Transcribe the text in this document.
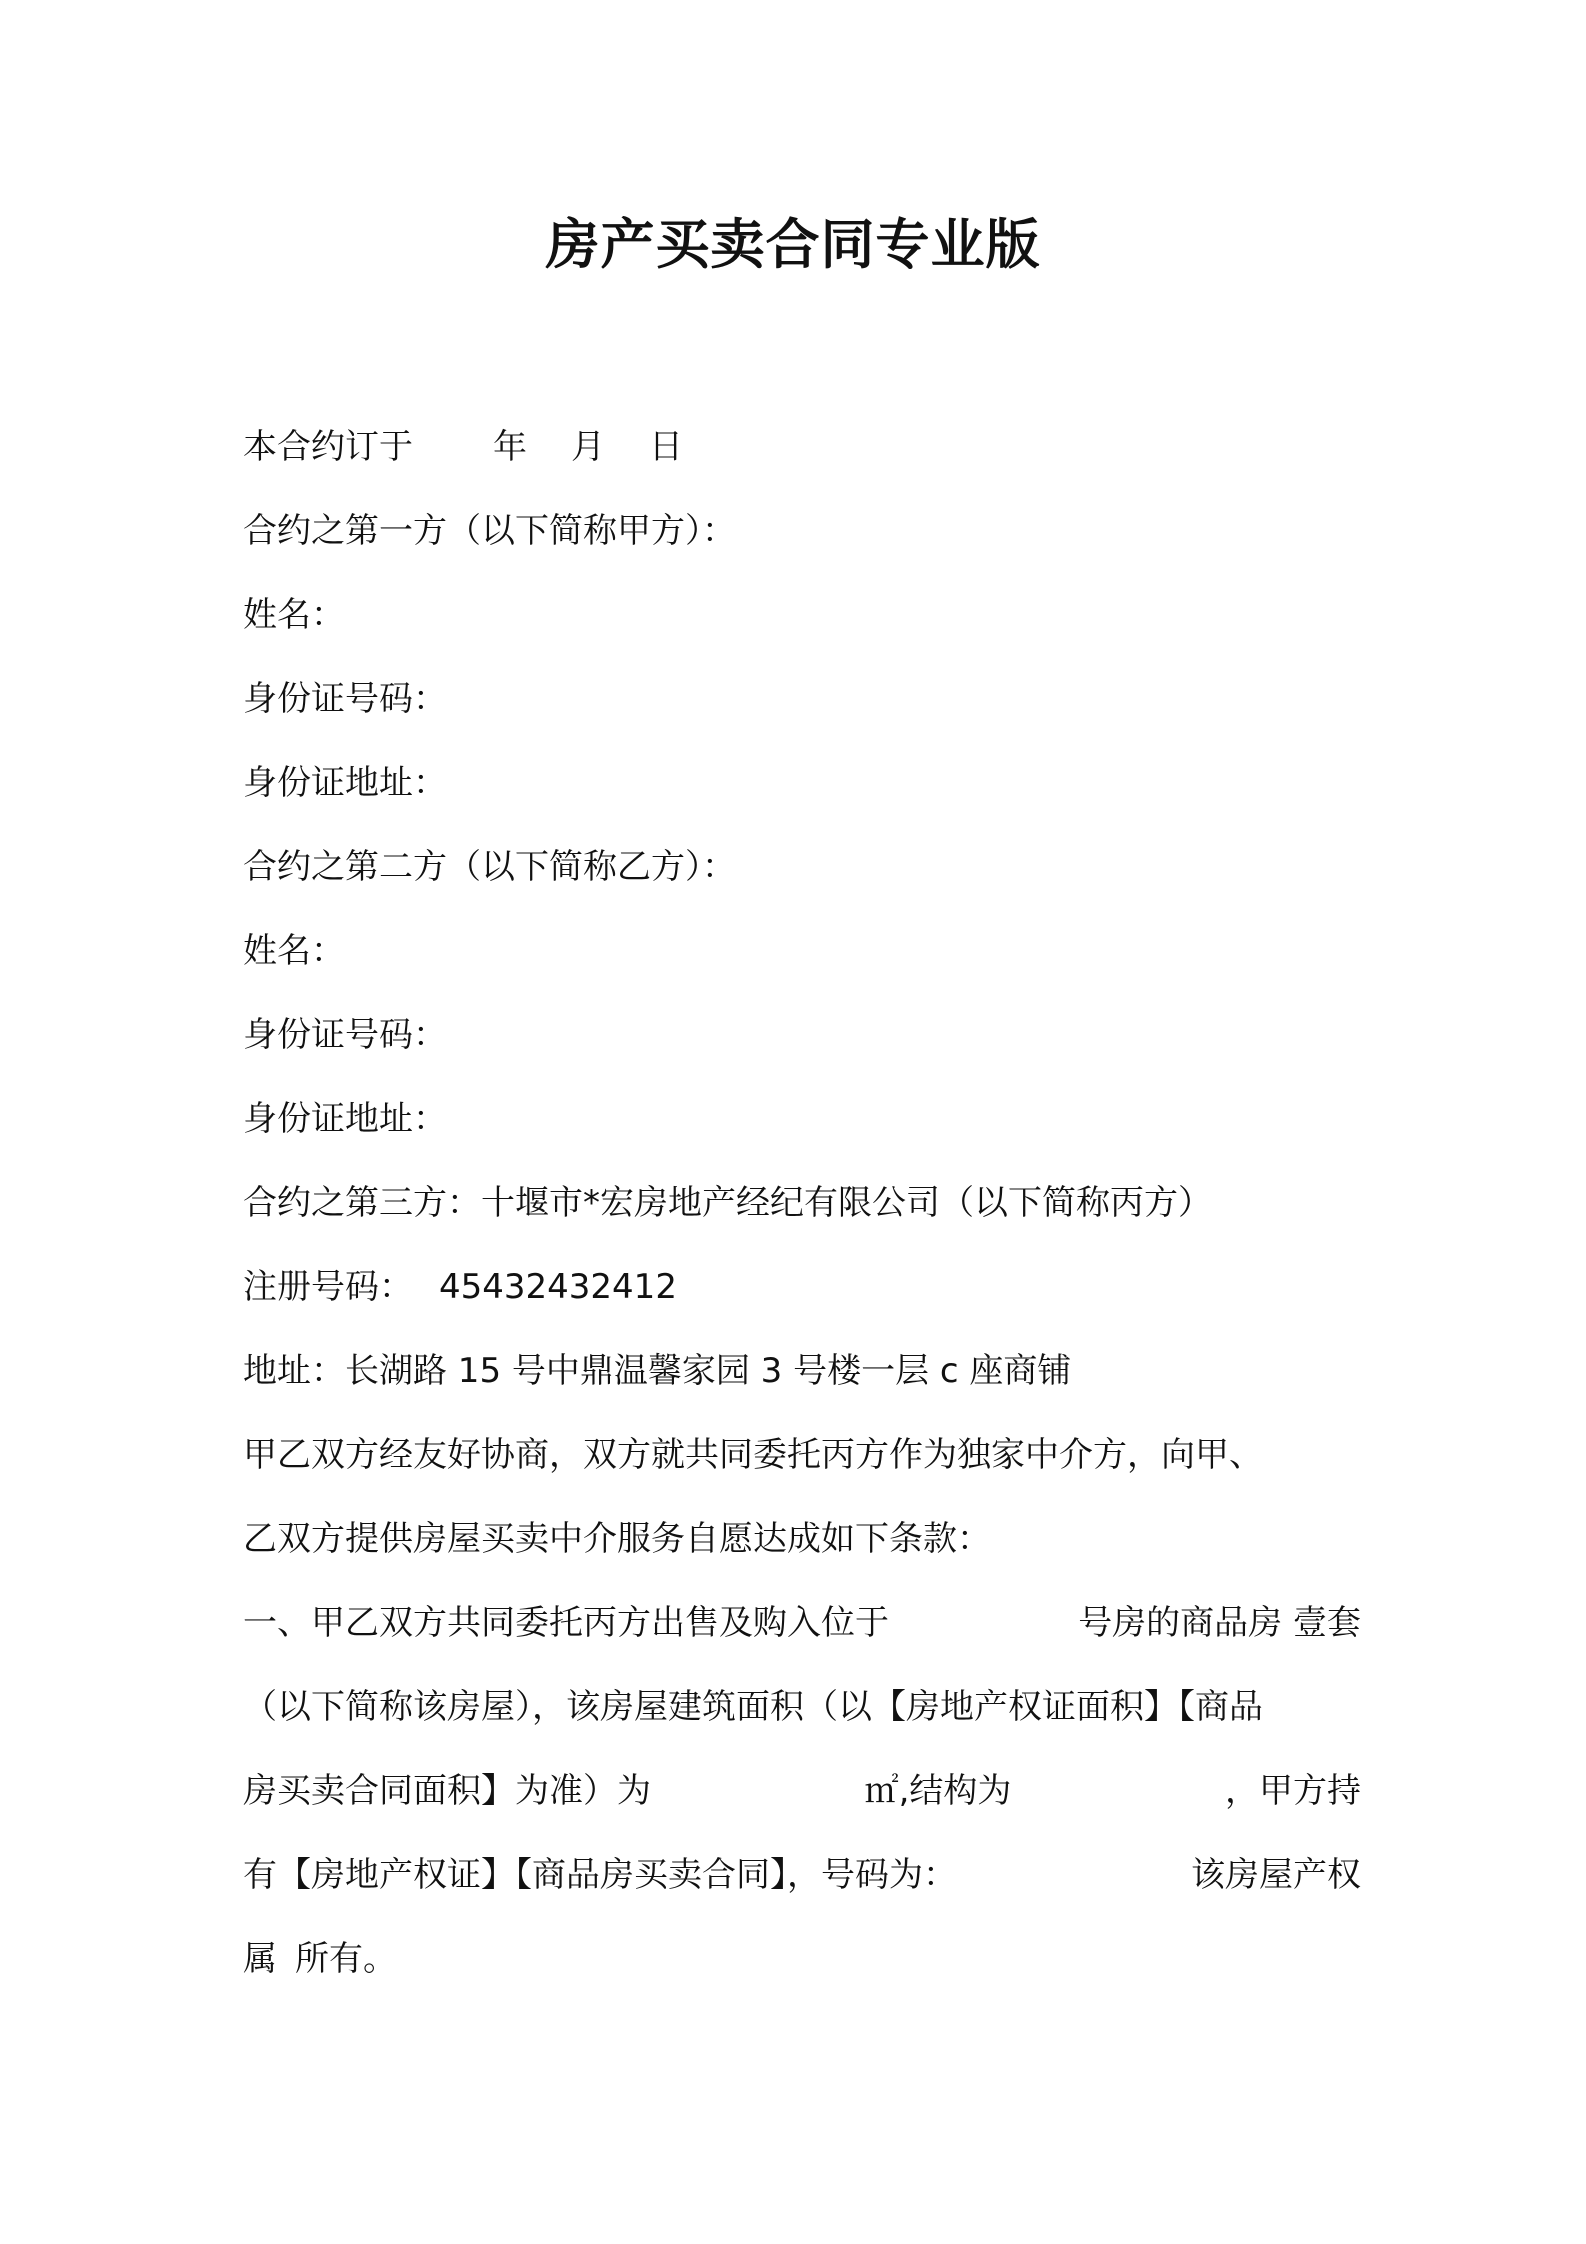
房产买卖合同专业版
本合约订于 年 月 日
合约之第一方（以下简称甲方）：
姓名：
身份证号码：
身份证地址：
合约之第二方（以下简称乙方）：
姓名：
身份证号码：
身份证地址：
合约之第三方：十堰市*宏房地产经纪有限公司（以下简称丙方）
注册号码： 45432432412
地址：长湖路 15 号中鼎温馨家园 3 号楼一层 c 座商铺
甲乙双方经友好协商，双方就共同委托丙方作为独家中介方，向甲、
乙双方提供房屋买卖中介服务自愿达成如下条款：
一、甲乙双方共同委托丙方出售及购入位于	号房的商品房 壹套
（以下简称该房屋），该房屋建筑面积（以【房地产权证面积】【商品
房买卖合同面积】为准）为	㎡,结构为	，甲方持
有【房地产权证】【商品房买卖合同】，号码为：	该房屋产权
属 所有。
